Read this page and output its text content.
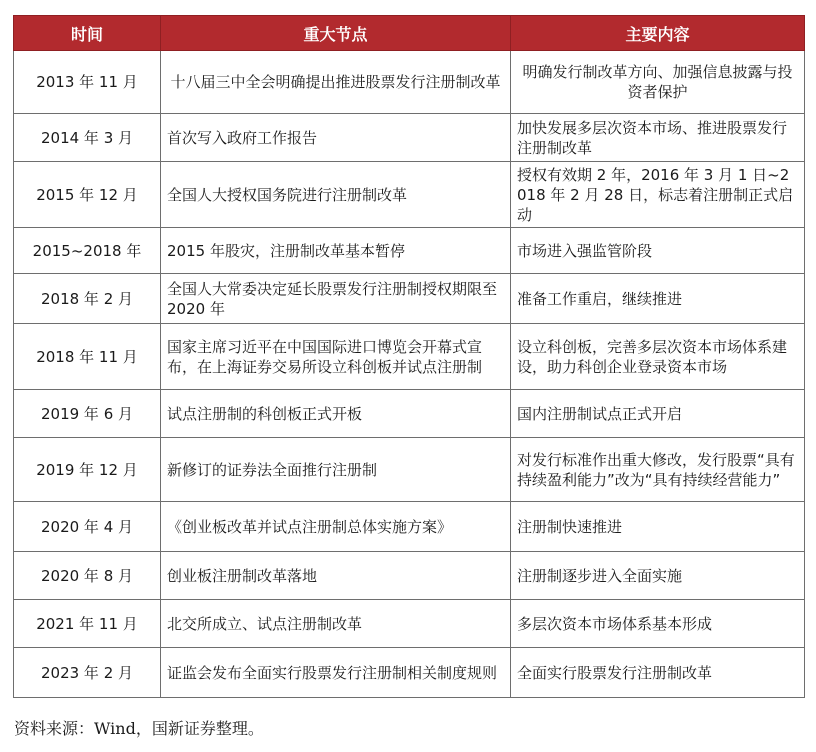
时间	重大节点	主要内容
2013 年 11 月	十八届三中全会明确提出推进股票发行注册制改革	明确发行制改革方向、加强信息披露与投资者保护
2014 年 3 月	首次写入政府工作报告	加快发展多层次资本市场、推进股票发行注册制改革
2015 年 12 月	全国人大授权国务院进行注册制改革	授权有效期 2 年，2016 年 3 月 1 日~2018 年 2 月 28 日，标志着注册制正式启动
2015~2018 年	2015 年股灾，注册制改革基本暂停	市场进入强监管阶段
2018 年 2 月	全国人大常委决定延长股票发行注册制授权期限至 2020 年	准备工作重启，继续推进
2018 年 11 月	国家主席习近平在中国国际进口博览会开幕式宣布，在上海证券交易所设立科创板并试点注册制	设立科创板，完善多层次资本市场体系建设，助力科创企业登录资本市场
2019 年 6 月	试点注册制的科创板正式开板	国内注册制试点正式开启
2019 年 12 月	新修订的证券法全面推行注册制	对发行标准作出重大修改，发行股票“具有持续盈利能力”改为“具有持续经营能力”
2020 年 4 月	《创业板改革并试点注册制总体实施方案》	注册制快速推进
2020 年 8 月	创业板注册制改革落地	注册制逐步进入全面实施
2021 年 11 月	北交所成立、试点注册制改革	多层次资本市场体系基本形成
2023 年 2 月	证监会发布全面实行股票发行注册制相关制度规则	全面实行股票发行注册制改革
资料来源：Wind，国新证券整理。
